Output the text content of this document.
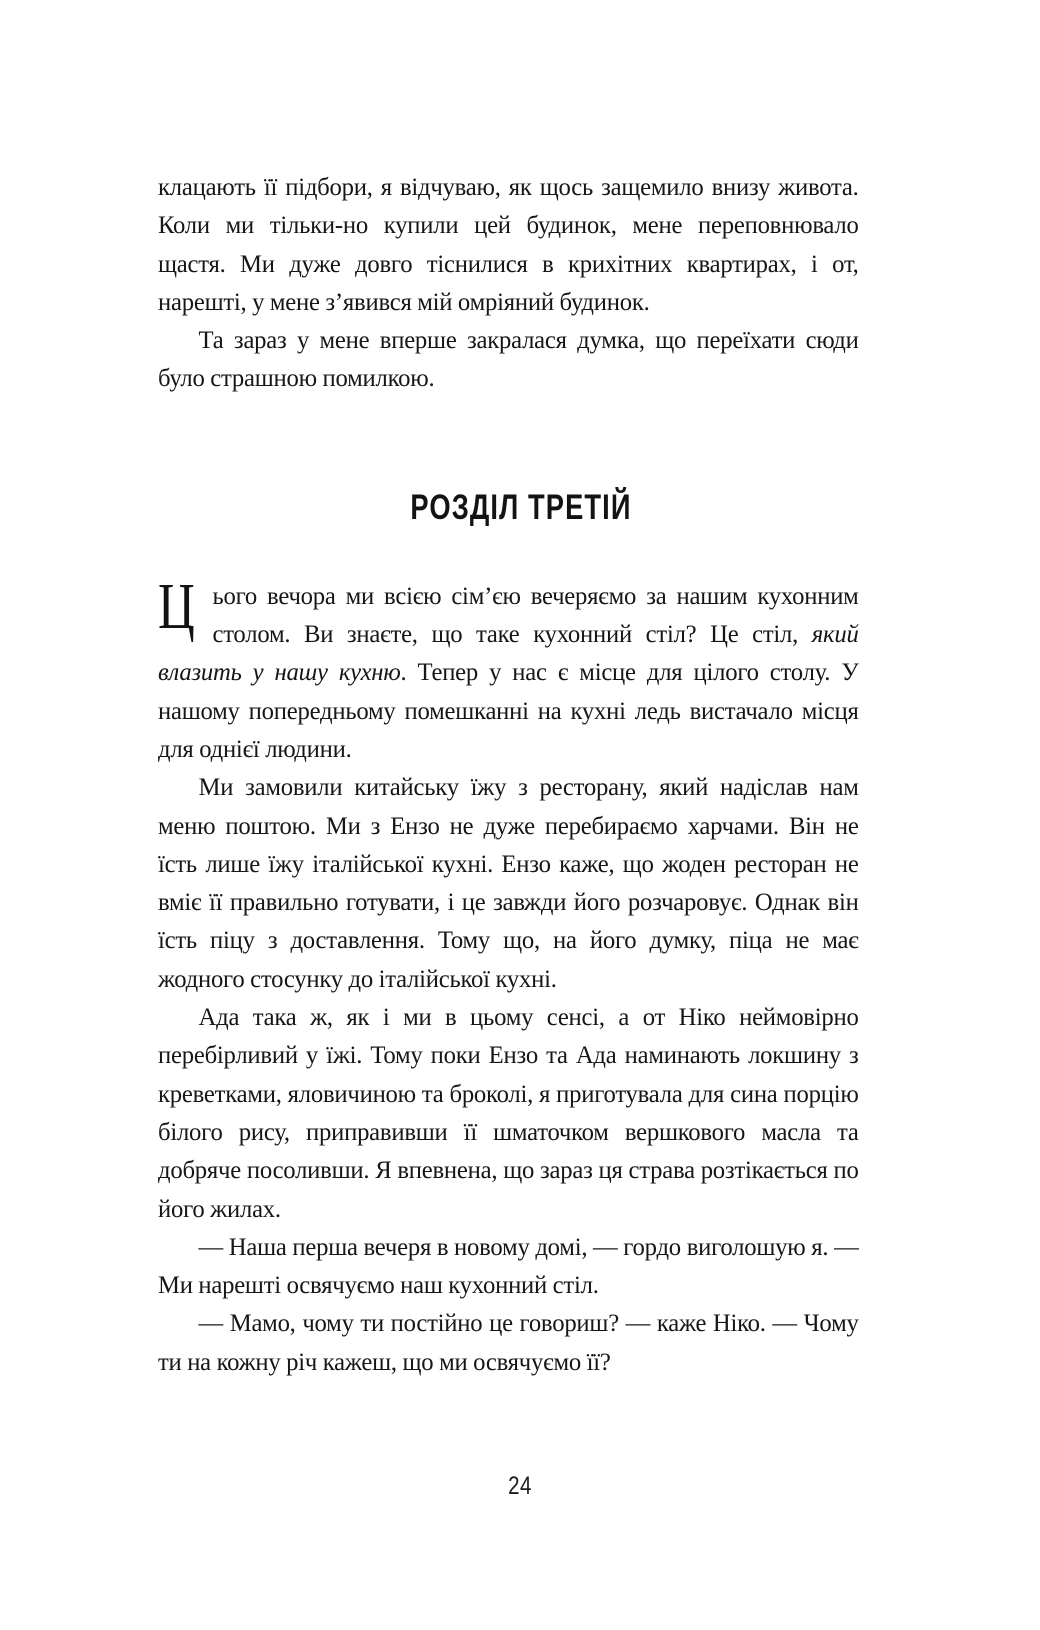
клацають її підбори, я відчуваю, як щось защемило внизу живота. Коли ми тільки-но купили цей будинок, мене переповнювало щастя. Ми дуже довго тіснилися в крихітних квартирах, і от, нарешті, у мене з’явився мій омріяний будинок.

Та зараз у мене вперше закралася думка, що переїхати сюди було страшною помилкою.

РОЗДІЛ ТРЕТІЙ

Цього вечора ми всією сім’єю вечеряємо за нашим кухонним столом. Ви знаєте, що таке кухонний стіл? Це стіл, який влазить у нашу кухню. Тепер у нас є місце для цілого столу. У нашому попередньому помешканні на кухні ледь вистачало місця для однієї людини.

Ми замовили китайську їжу з ресторану, який надіслав нам меню поштою. Ми з Ензо не дуже перебираємо харчами. Він не їсть лише їжу італійської кухні. Ензо каже, що жоден ресторан не вміє її правильно готувати, і це завжди його розчаровує. Однак він їсть піцу з доставлення. Тому що, на його думку, піца не має жодного стосунку до італійської кухні.

Ада така ж, як і ми в цьому сенсі, а от Ніко неймовірно перебірливий у їжі. Тому поки Ензо та Ада наминають локшину з креветками, яловичиною та броколі, я приготувала для сина порцію білого рису, приправивши її шматочком вершкового масла та добряче посоливши. Я впевнена, що зараз ця страва розтікається по його жилах.

— Наша перша вечеря в новому домі, — гордо виголошую я. — Ми нарешті освячуємо наш кухонний стіл.

— Мамо, чому ти постійно це говориш? — каже Ніко. — Чому ти на кожну річ кажеш, що ми освячуємо її?

24
